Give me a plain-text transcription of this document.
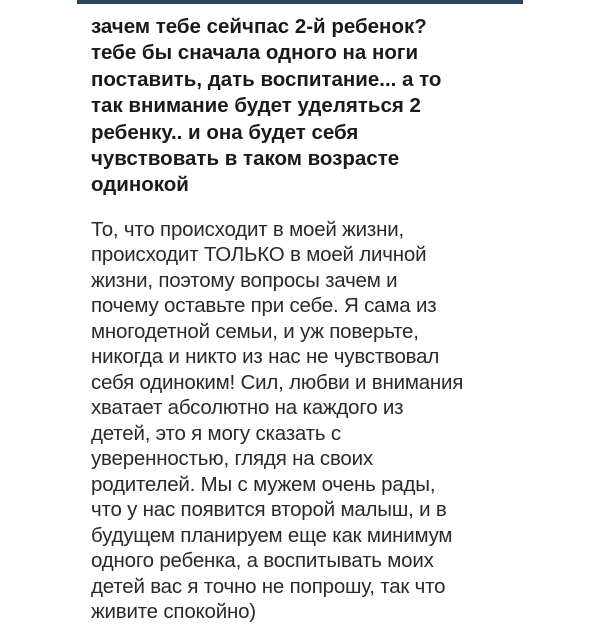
зачем тебе сейчпас 2-й ребенок?
тебе бы сначала одного на ноги
поставить, дать воспитание... а то
так внимание будет уделяться 2
ребенку.. и она будет себя
чувствовать в таком возрасте
одинокой
То, что происходит в моей жизни,
происходит ТОЛЬКО в моей личной
жизни, поэтому вопросы зачем и
почему оставьте при себе. Я сама из
многодетной семьи, и уж поверьте,
никогда и никто из нас не чувствовал
себя одиноким! Сил, любви и внимания
хватает абсолютно на каждого из
детей, это я могу сказать с
уверенностью, глядя на своих
родителей. Мы с мужем очень рады,
что у нас появится второй малыш, и в
будущем планируем еще как минимум
одного ребенка, а воспитывать моих
детей вас я точно не попрошу, так что
живите спокойно)
